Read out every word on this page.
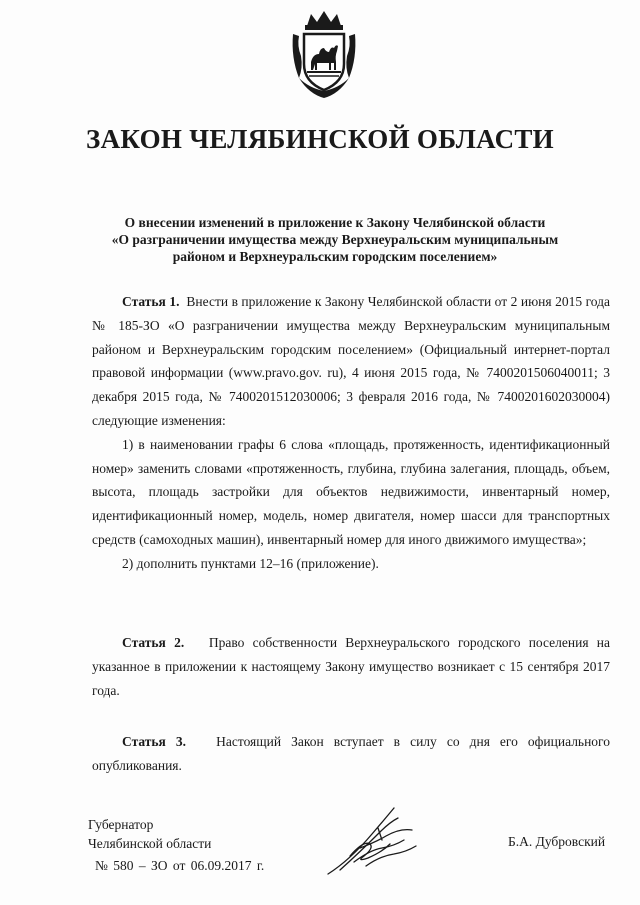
ЗАКОН ЧЕЛЯБИНСКОЙ ОБЛАСТИ
О внесении изменений в приложение к Закону Челябинской области
«О разграничении имущества между Верхнеуральским муниципальным
районом и Верхнеуральским городским поселением»

Статья 1. Внести в приложение к Закону Челябинской области от 2 июня 2015 года № 185-ЗО «О разграничении имущества между Верхнеуральским муниципальным районом и Верхнеуральским городским поселением» (Официальный интернет-портал правовой информации (www.pravo.gov. ru), 4 июня 2015 года, № 7400201506040011; 3 декабря 2015 года, № 7400201512030006; 3 февраля 2016 года, № 7400201602030004) следующие изменения:

1) в наименовании графы 6 слова «площадь, протяженность, идентификационный номер» заменить словами «протяженность, глубина, глубина залегания, площадь, объем, высота, площадь застройки для объектов недвижимости, инвентарный номер, идентификационный номер, модель, номер двигателя, номер шасси для транспортных средств (самоходных машин), инвентарный номер для иного движимого имущества»;

2) дополнить пунктами 12–16 (приложение).

Статья 2. Право собственности Верхнеуральского городского поселения на указанное в приложении к настоящему Закону имущество возникает с 15 сентября 2017 года.

Статья 3. Настоящий Закон вступает в силу со дня его официального опубликования.

Губернатор
Челябинской области	Б.А. Дубровский
№ 580 – ЗО от 06.09.2017 г.
